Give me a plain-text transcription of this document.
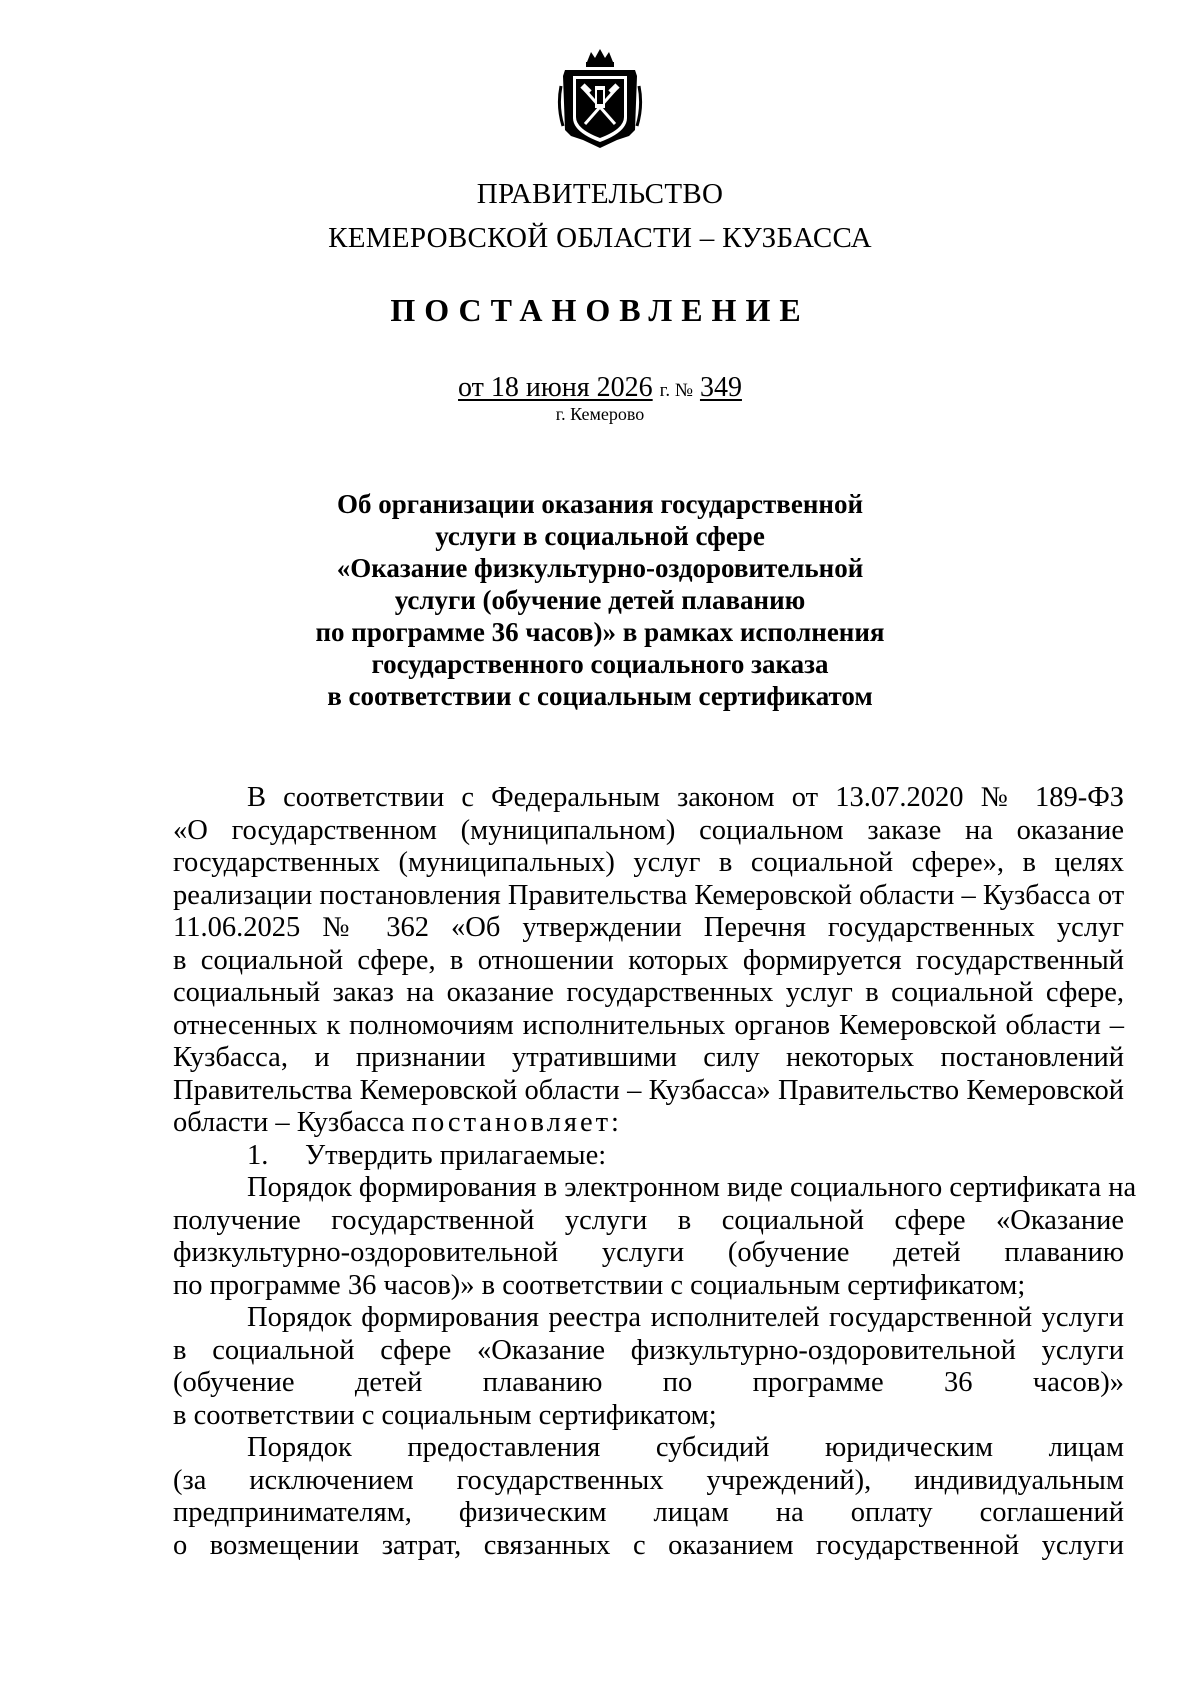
ПРАВИТЕЛЬСТВО
КЕМЕРОВСКОЙ ОБЛАСТИ – КУЗБАССА
ПОСТАНОВЛЕНИЕ
от 18 июня 2026 г. № 349
г. Кемерово
Об организации оказания государственной
услуги в социальной сфере
«Оказание физкультурно-оздоровительной
услуги (обучение детей плаванию
по программе 36 часов)» в рамках исполнения
государственного социального заказа
в соответствии с социальным сертификатом
В соответствии с Федеральным законом от 13.07.2020 № 189-ФЗ
«О государственном (муниципальном) социальном заказе на оказание
государственных (муниципальных) услуг в социальной сфере», в целях
реализации постановления Правительства Кемеровской области – Кузбасса от
11.06.2025 № 362 «Об утверждении Перечня государственных услуг
в социальной сфере, в отношении которых формируется государственный
социальный заказ на оказание государственных услуг в социальной сфере,
отнесенных к полномочиям исполнительных органов Кемеровской области –
Кузбасса, и признании утратившими силу некоторых постановлений
Правительства Кемеровской области – Кузбасса» Правительство Кемеровской
области – Кузбасса постановляет:
1. Утвердить прилагаемые:
Порядок формирования в электронном виде социального сертификата на
получение государственной услуги в социальной сфере «Оказание
физкультурно-оздоровительной услуги (обучение детей плаванию
по программе 36 часов)» в соответствии с социальным сертификатом;
Порядок формирования реестра исполнителей государственной услуги
в социальной сфере «Оказание физкультурно-оздоровительной услуги
(обучение детей плаванию по программе 36 часов)»
в соответствии с социальным сертификатом;
Порядок предоставления субсидий юридическим лицам
(за исключением государственных учреждений), индивидуальным
предпринимателям, физическим лицам на оплату соглашений
о возмещении затрат, связанных с оказанием государственной услуги
